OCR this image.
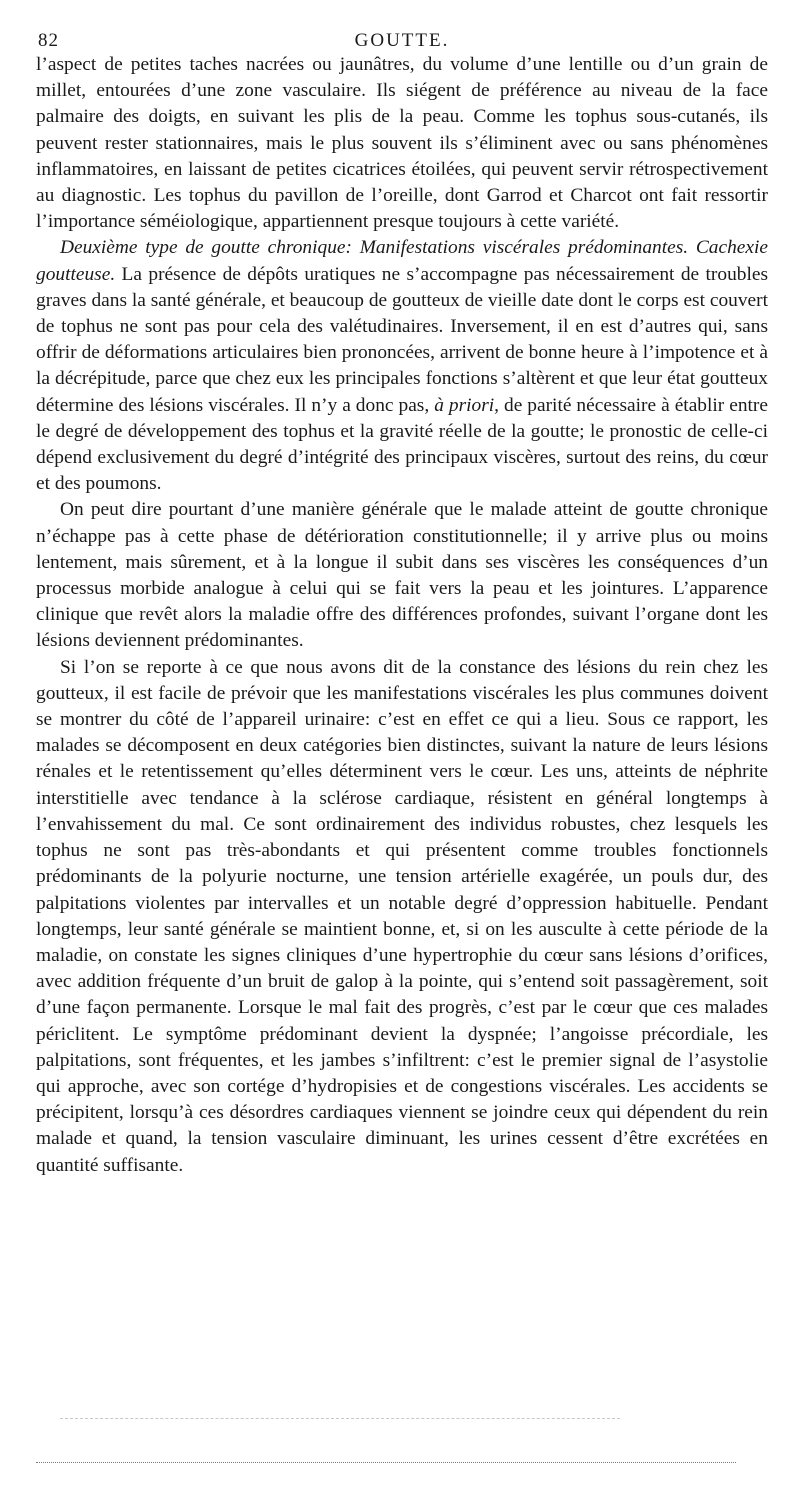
82	GOUTTE.

l’aspect de petites taches nacrées ou jaunâtres, du volume d’une lentille ou d’un grain de millet, entourées d’une zone vasculaire. Ils siégent de préférence au niveau de la face palmaire des doigts, en suivant les plis de la peau. Comme les tophus sous-cutanés, ils peuvent rester stationnaires, mais le plus souvent ils s’éliminent avec ou sans phénomènes inflammatoires, en laissant de petites cicatrices étoilées, qui peuvent servir rétrospectivement au diagnostic. Les tophus du pavillon de l’oreille, dont Garrod et Charcot ont fait ressortir l’importance séméiologique, appartiennent presque toujours à cette variété.

Deuxième type de goutte chronique: Manifestations viscérales prédominantes. Cachexie goutteuse. La présence de dépôts uratiques ne s’accompagne pas nécessairement de troubles graves dans la santé générale, et beaucoup de goutteux de vieille date dont le corps est couvert de tophus ne sont pas pour cela des valétudinaires. Inversement, il en est d’autres qui, sans offrir de déformations articulaires bien prononcées, arrivent de bonne heure à l’impotence et à la décrépitude, parce que chez eux les principales fonctions s’altèrent et que leur état goutteux détermine des lésions viscérales. Il n’y a donc pas, à priori, de parité nécessaire à établir entre le degré de développement des tophus et la gravité réelle de la goutte; le pronostic de celle-ci dépend exclusivement du degré d’intégrité des principaux viscères, surtout des reins, du cœur et des poumons.

On peut dire pourtant d’une manière générale que le malade atteint de goutte chronique n’échappe pas à cette phase de détérioration constitutionnelle; il y arrive plus ou moins lentement, mais sûrement, et à la longue il subit dans ses viscères les conséquences d’un processus morbide analogue à celui qui se fait vers la peau et les jointures. L’apparence clinique que revêt alors la maladie offre des différences profondes, suivant l’organe dont les lésions deviennent prédominantes.

Si l’on se reporte à ce que nous avons dit de la constance des lésions du rein chez les goutteux, il est facile de prévoir que les manifestations viscérales les plus communes doivent se montrer du côté de l’appareil urinaire: c’est en effet ce qui a lieu. Sous ce rapport, les malades se décomposent en deux catégories bien distinctes, suivant la nature de leurs lésions rénales et le retentissement qu’elles déterminent vers le cœur. Les uns, atteints de néphrite interstitielle avec tendance à la sclérose cardiaque, résistent en général longtemps à l’envahissement du mal. Ce sont ordinairement des individus robustes, chez lesquels les tophus ne sont pas très-abondants et qui présentent comme troubles fonctionnels prédominants de la polyurie nocturne, une tension artérielle exagérée, un pouls dur, des palpitations violentes par intervalles et un notable degré d’oppression habituelle. Pendant longtemps, leur santé générale se maintient bonne, et, si on les ausculte à cette période de la maladie, on constate les signes cliniques d’une hypertrophie du cœur sans lésions d’orifices, avec addition fréquente d’un bruit de galop à la pointe, qui s’entend soit passagèrement, soit d’une façon permanente. Lorsque le mal fait des progrès, c’est par le cœur que ces malades périclitent. Le symptôme prédominant devient la dyspnée; l’angoisse précordiale, les palpitations, sont fréquentes, et les jambes s’infiltrent: c’est le premier signal de l’asystolie qui approche, avec son cortége d’hydropisies et de congestions viscérales. Les accidents se précipitent, lorsqu’à ces désordres cardiaques viennent se joindre ceux qui dépendent du rein malade et quand, la tension vasculaire diminuant, les urines cessent d’être excrétées en quantité suffisante.
